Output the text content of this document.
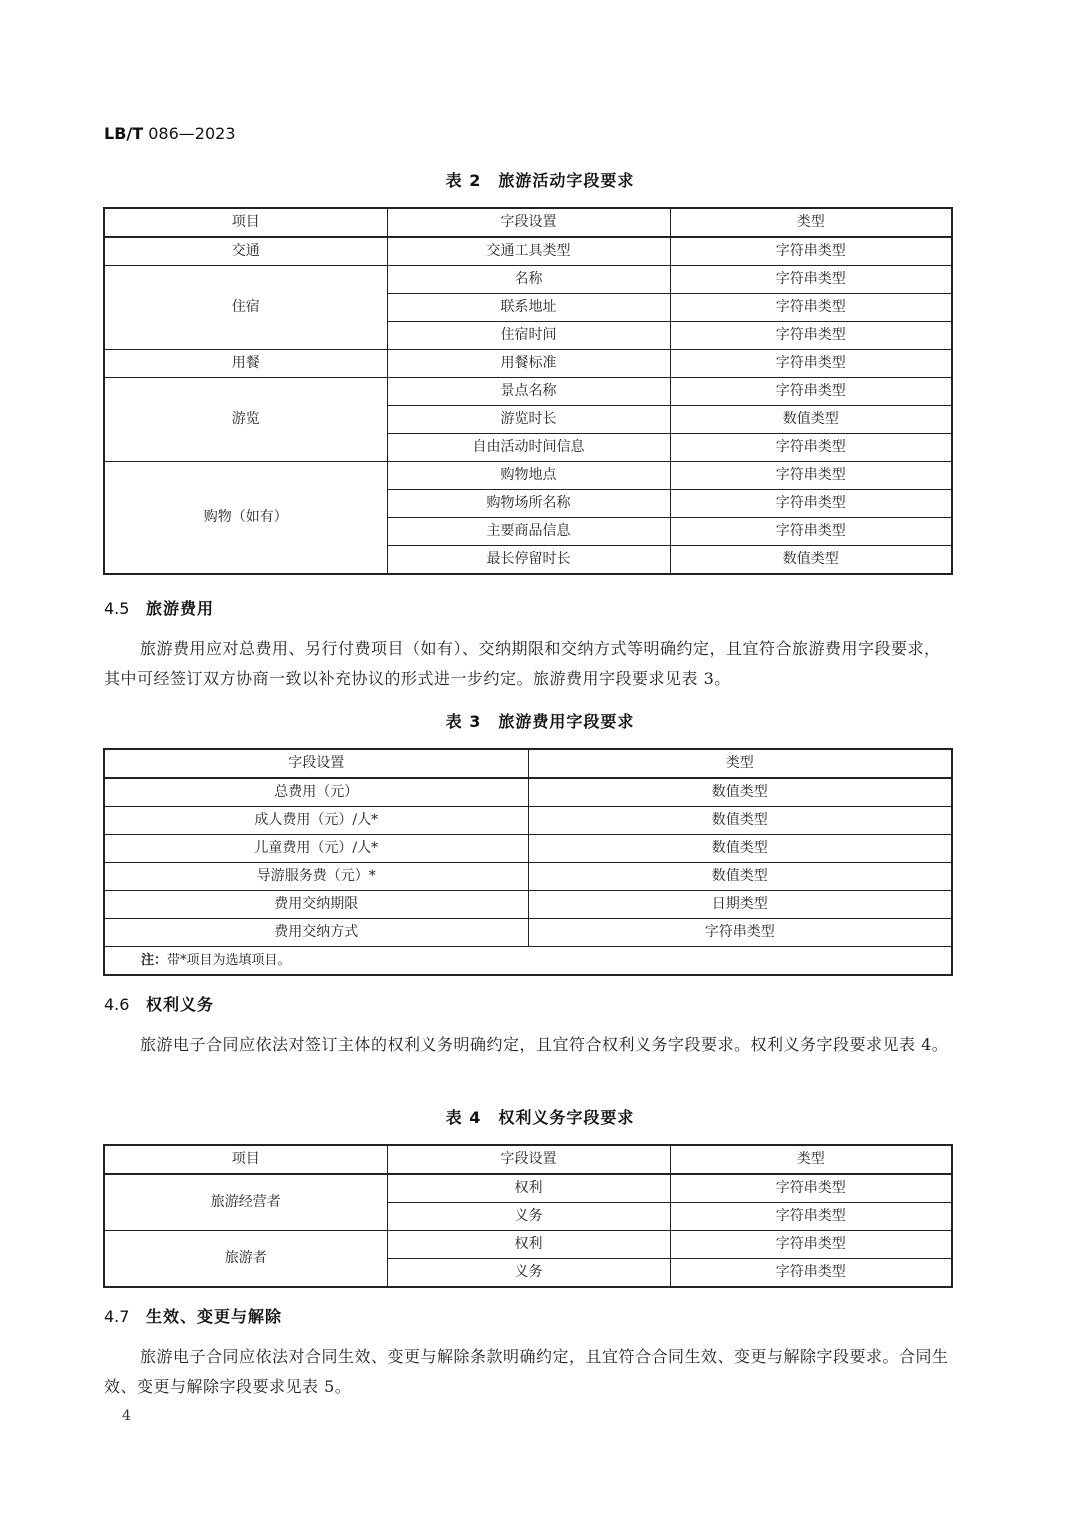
LB/T 086—2023
表 2　旅游活动字段要求
项目	字段设置	类型
交通	交通工具类型	字符串类型
住宿	名称	字符串类型
	联系地址	字符串类型
	住宿时间	字符串类型
用餐	用餐标准	字符串类型
游览	景点名称	字符串类型
	游览时长	数值类型
	自由活动时间信息	字符串类型
购物（如有）	购物地点	字符串类型
	购物场所名称	字符串类型
	主要商品信息	字符串类型
	最长停留时长	数值类型
4.5 旅游费用
旅游费用应对总费用、另行付费项目（如有）、交纳期限和交纳方式等明确约定，且宜符合旅游费用字段要求，其中可经签订双方协商一致以补充协议的形式进一步约定。旅游费用字段要求见表 3。
表 3　旅游费用字段要求
字段设置	类型
总费用（元）	数值类型
成人费用（元）/人*	数值类型
儿童费用（元）/人*	数值类型
导游服务费（元）*	数值类型
费用交纳期限	日期类型
费用交纳方式	字符串类型
注：带*项目为选填项目。	
4.6 权利义务
旅游电子合同应依法对签订主体的权利义务明确约定，且宜符合权利义务字段要求。权利义务字段要求见表 4。
表 4　权利义务字段要求
项目	字段设置	类型
旅游经营者	权利	字符串类型
	义务	字符串类型
旅游者	权利	字符串类型
	义务	字符串类型
4.7 生效、变更与解除
旅游电子合同应依法对合同生效、变更与解除条款明确约定，且宜符合合同生效、变更与解除字段要求。合同生效、变更与解除字段要求见表 5。
4
